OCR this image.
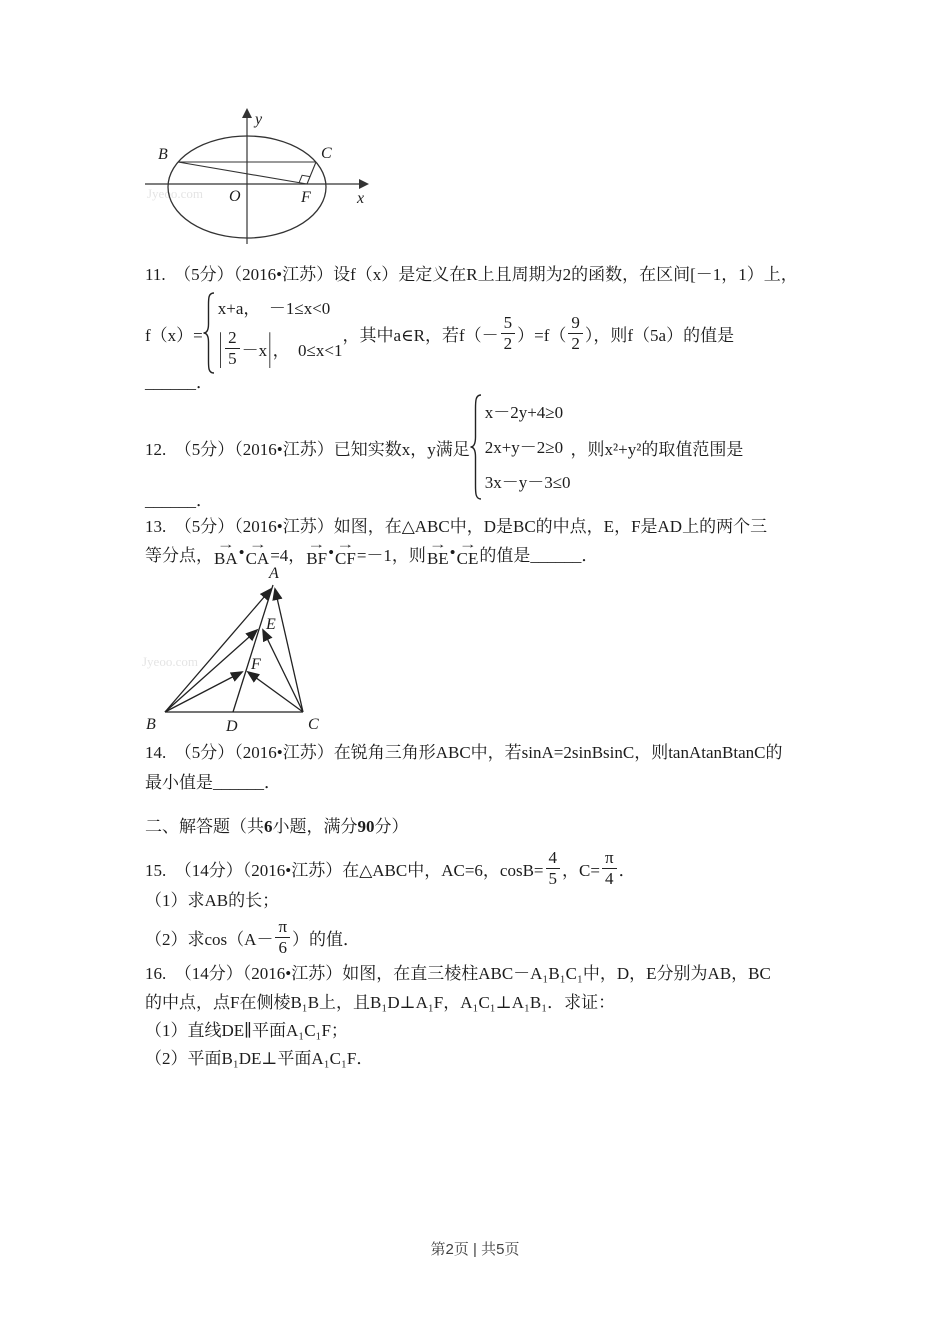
Jyeoo.com
y
x
O	F
B	C
11.　（5分）（2016•江苏）设f（x）是定义在R上且周期为2的函数，在区间[－1，1）上，
f（x）=
x+a，　－1≤x<0
| $\frac{2}{5} -x$ | ，　0≤x<1
，其中a∈R，若$f(- \frac{5}{2} )=f( \frac{9}{2}$ ），则f（5a）的值是
______．
12.　（5分）（2016•江苏）已知实数x，y满足
x－2y+4≥0
2x+y－2≥0
3x－y－3≤0
，则x²+y²的取值范围是
______．
13.　（5分）（2016•江苏）如图，在△ABC中，D是BC的中点，E，F是AD上的两个三
等分点，
→
BA • →
CA =4，
→
BF • →
CF =－1，则
→
BE • →
CE 的值是______．
Jyeoo.com
A
B	C
D
E
F
14.　（5分）（2016•江苏）在锐角三角形ABC中，若sinA=2sinBsinC，则tanAtanBtanC的
最小值是______．
二、解答题（共6小题，满分90分）
15.　（14分）（2016•江苏）在△ABC中，AC=6，$\cos B= \frac{4}{5}$ ，$C= \frac{\pi}{4}$ ．
（1）求AB的长；
（2）求$\cos(A- \frac{\pi}{6}$ ）的值．
16.　（14分）（2016•江苏）如图，在直三棱柱ABC－A₁B₁C₁中，D，E分别为AB，BC
的中点，点F在侧棱B₁B上，且B₁D⊥A₁F，A₁C₁⊥A₁B₁．求证：
（1）直线DE∥平面A₁C₁F；
（2）平面B₁DE⊥平面A₁C₁F．
第2页 | 共5页
